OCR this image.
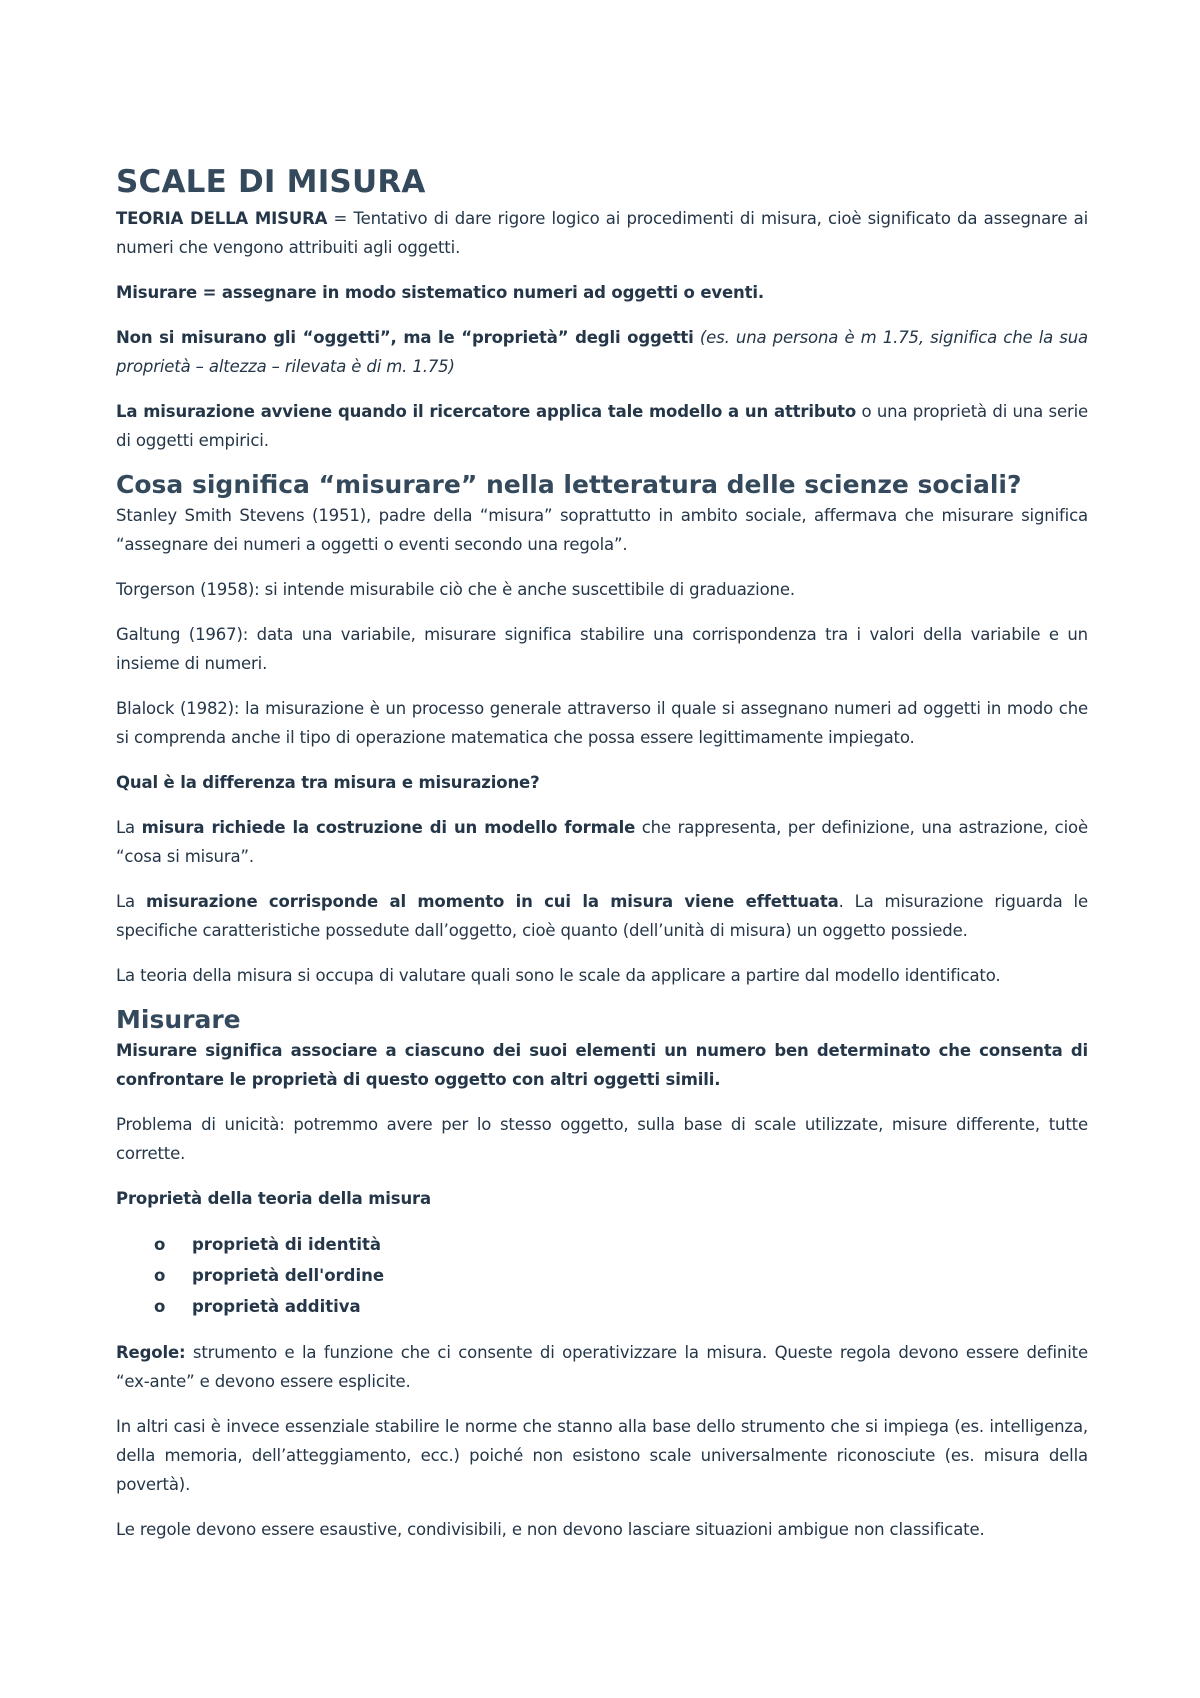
SCALE DI MISURA

TEORIA DELLA MISURA = Tentativo di dare rigore logico ai procedimenti di misura, cioè significato da assegnare ai numeri che vengono attribuiti agli oggetti.

Misurare = assegnare in modo sistematico numeri ad oggetti o eventi.

Non si misurano gli “oggetti”, ma le “proprietà” degli oggetti (es. una persona è m 1.75, significa che la sua proprietà – altezza – rilevata è di m. 1.75)

La misurazione avviene quando il ricercatore applica tale modello a un attributo o una proprietà di una serie di oggetti empirici.

Cosa significa “misurare” nella letteratura delle scienze sociali?

Stanley Smith Stevens (1951), padre della “misura” soprattutto in ambito sociale, affermava che misurare significa “assegnare dei numeri a oggetti o eventi secondo una regola”.

Torgerson (1958): si intende misurabile ciò che è anche suscettibile di graduazione.

Galtung (1967): data una variabile, misurare significa stabilire una corrispondenza tra i valori della variabile e un insieme di numeri.

Blalock (1982): la misurazione è un processo generale attraverso il quale si assegnano numeri ad oggetti in modo che si comprenda anche il tipo di operazione matematica che possa essere legittimamente impiegato.

Qual è la differenza tra misura e misurazione?

La misura richiede la costruzione di un modello formale che rappresenta, per definizione, una astrazione, cioè “cosa si misura”.

La misurazione corrisponde al momento in cui la misura viene effettuata. La misurazione riguarda le specifiche caratteristiche possedute dall’oggetto, cioè quanto (dell’unità di misura) un oggetto possiede.

La teoria della misura si occupa di valutare quali sono le scale da applicare a partire dal modello identificato.

Misurare

Misurare significa associare a ciascuno dei suoi elementi un numero ben determinato che consenta di confrontare le proprietà di questo oggetto con altri oggetti simili.

Problema di unicità: potremmo avere per lo stesso oggetto, sulla base di scale utilizzate, misure differente, tutte corrette.

Proprietà della teoria della misura

o	proprietà di identità
o	proprietà dell'ordine
o	proprietà additiva

Regole: strumento e la funzione che ci consente di operativizzare la misura. Queste regola devono essere definite “ex-ante” e devono essere esplicite.

In altri casi è invece essenziale stabilire le norme che stanno alla base dello strumento che si impiega (es. intelligenza, della memoria, dell’atteggiamento, ecc.) poiché non esistono scale universalmente riconosciute (es. misura della povertà).

Le regole devono essere esaustive, condivisibili, e non devono lasciare situazioni ambigue non classificate.
